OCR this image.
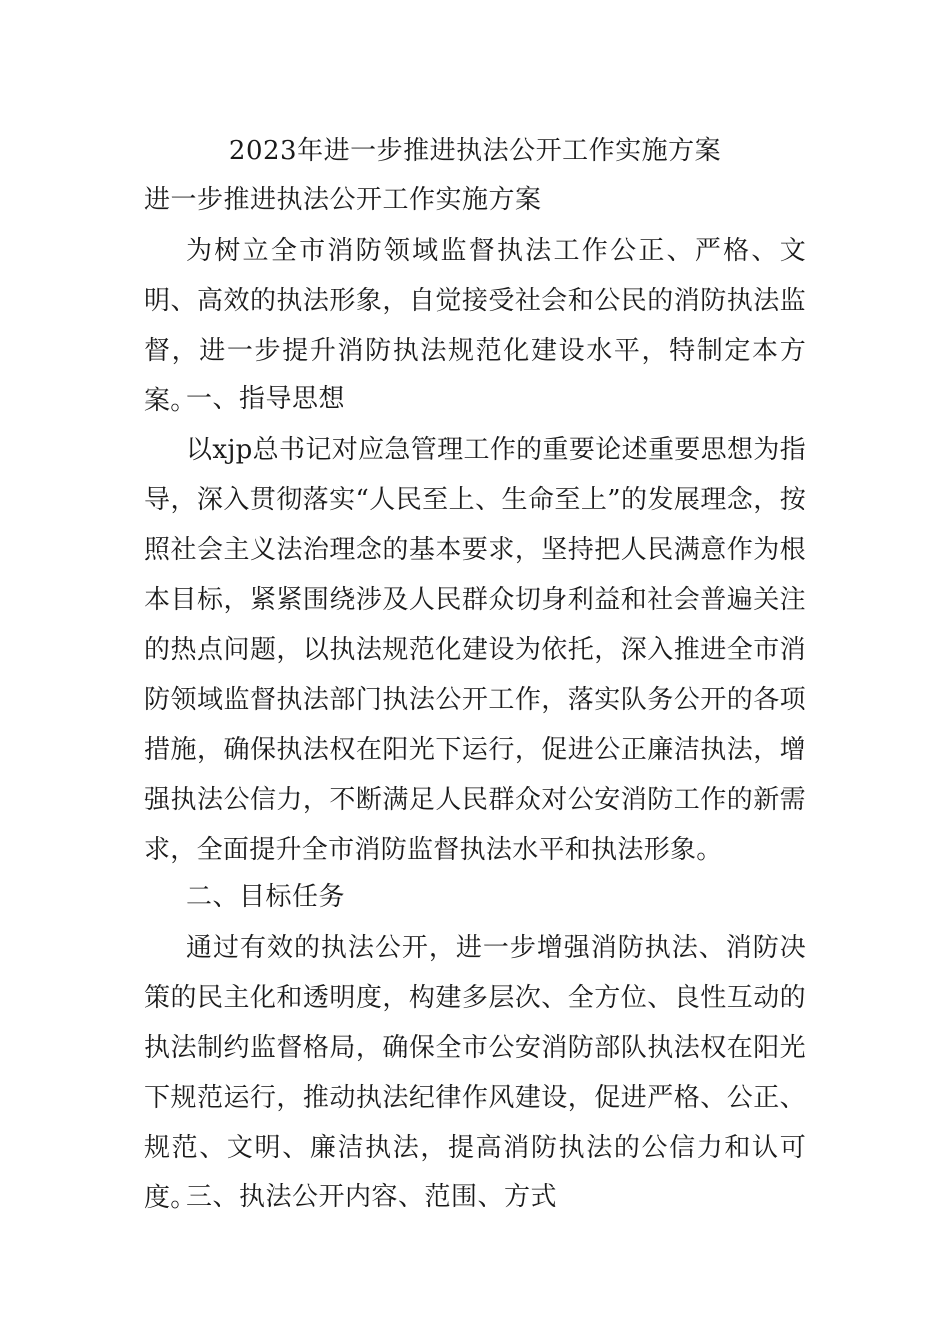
2023年进一步推进执法公开工作实施方案
进一步推进执法公开工作实施方案

为树立全市消防领域监督执法工作公正、严格、文明、高效的执法形象，自觉接受社会和公民的消防执法监督，进一步提升消防执法规范化建设水平，特制定本方案。

一、指导思想

以xjp总书记对应急管理工作的重要论述重要思想为指导，深入贯彻落实“人民至上、生命至上”的发展理念，按照社会主义法治理念的基本要求，坚持把人民满意作为根本目标，紧紧围绕涉及人民群众切身利益和社会普遍关注的热点问题，以执法规范化建设为依托，深入推进全市消防领域监督执法部门执法公开工作，落实队务公开的各项措施，确保执法权在阳光下运行，促进公正廉洁执法，增强执法公信力，不断满足人民群众对公安消防工作的新需求，全面提升全市消防监督执法水平和执法形象。

二、目标任务

通过有效的执法公开，进一步增强消防执法、消防决策的民主化和透明度，构建多层次、全方位、良性互动的执法制约监督格局，确保全市公安消防部队执法权在阳光下规范运行，推动执法纪律作风建设，促进严格、公正、规范、文明、廉洁执法，提高消防执法的公信力和认可度。

三、执法公开内容、范围、方式
